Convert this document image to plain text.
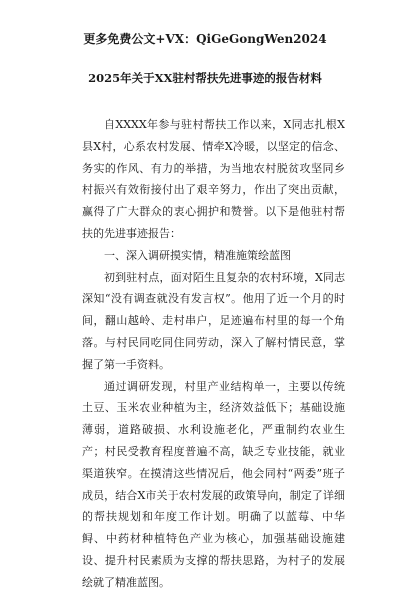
更多免费公文+VX：QiGeGongWen2024
2025年关于XX驻村帮扶先进事迹的报告材料

自XXXX年参与驻村帮扶工作以来，X同志扎根X县X村，心系农村发展、情牵X冷暖，以坚定的信念、务实的作风、有力的举措，为当地农村脱贫攻坚同乡村振兴有效衔接付出了艰辛努力，作出了突出贡献，赢得了广大群众的衷心拥护和赞誉。以下是他驻村帮扶的先进事迹报告：

一、深入调研摸实情，精准施策绘蓝图

初到驻村点，面对陌生且复杂的农村环境，X同志深知“没有调查就没有发言权”。他用了近一个月的时间，翻山越岭、走村串户，足迹遍布村里的每一个角落。与村民同吃同住同劳动，深入了解村情民意，掌握了第一手资料。

通过调研发现，村里产业结构单一，主要以传统土豆、玉米农业种植为主，经济效益低下；基础设施薄弱，道路破损、水利设施老化，严重制约农业生产；村民受教育程度普遍不高，缺乏专业技能，就业渠道狭窄。在摸清这些情况后，他会同村“两委”班子成员，结合X市关于农村发展的政策导向，制定了详细的帮扶规划和年度工作计划。明确了以蓝莓、中华鲟、中药材种植特色产业为核心，加强基础设施建设、提升村民素质为支撑的帮扶思路，为村子的发展绘就了精准蓝图。
